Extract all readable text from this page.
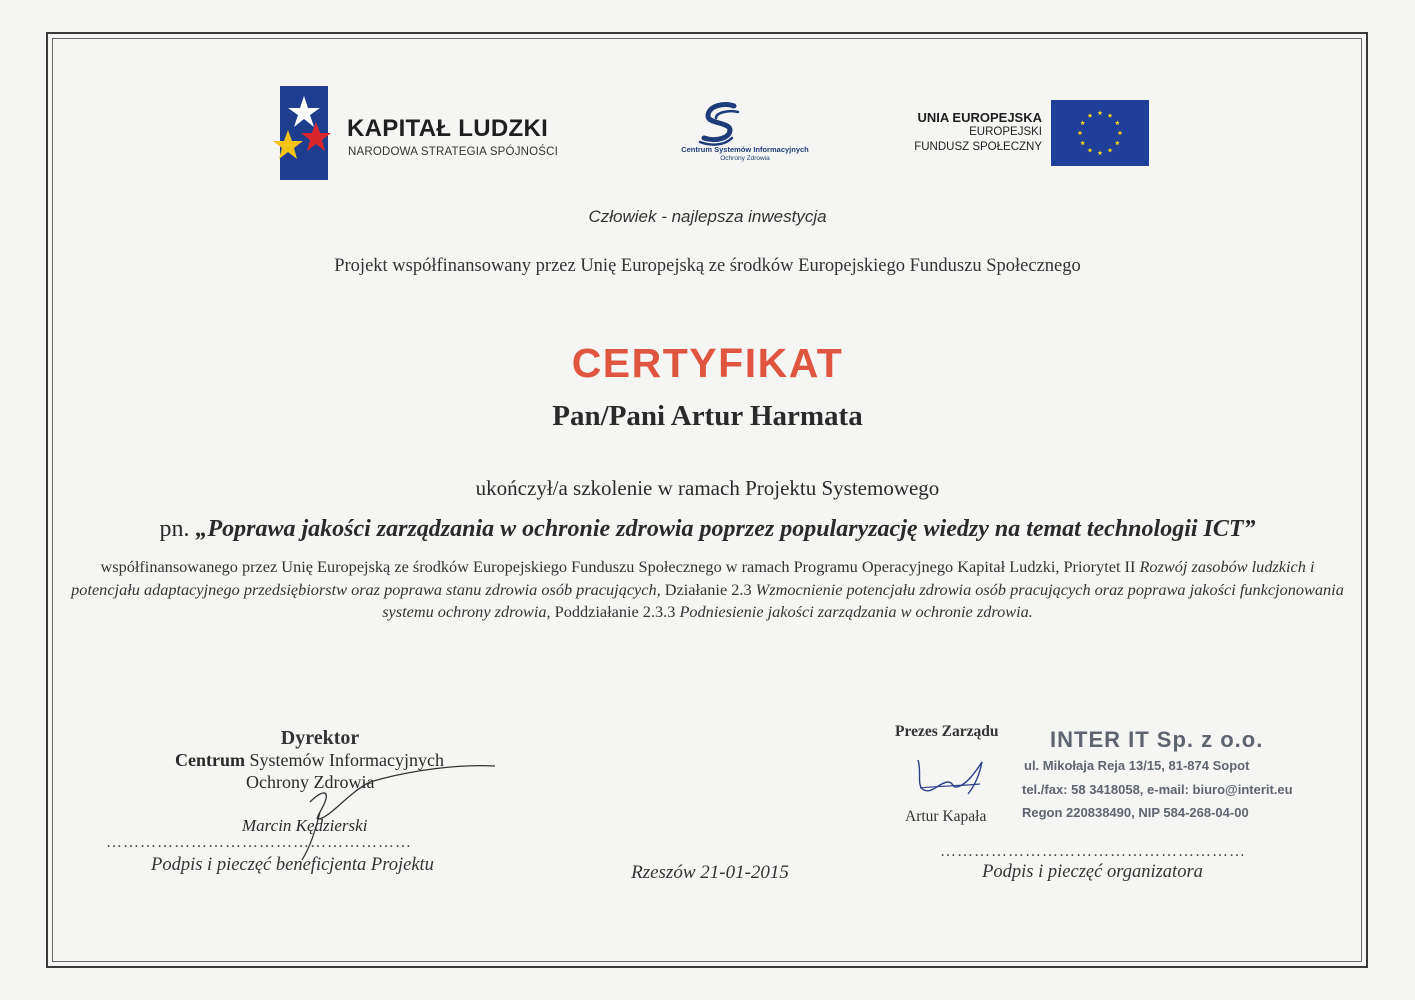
KAPITAŁ LUDZKI
NARODOWA STRATEGIA SPÓJNOŚCI	Centrum Systemów Informacyjnych
Ochrony Zdrowia
UNIA EUROPEJSKA
EUROPEJSKI
FUNDUSZ SPOŁECZNY
Człowiek - najlepsza inwestycja
Projekt współfinansowany przez Unię Europejską ze środków Europejskiego Funduszu Społecznego
CERTYFIKAT
Pan/Pani Artur Harmata
ukończył/a szkolenie w ramach Projektu Systemowego
pn. „Poprawa jakości zarządzania w ochronie zdrowia poprzez popularyzację wiedzy na temat technologii ICT”
współfinansowanego przez Unię Europejską ze środków Europejskiego Funduszu Społecznego w ramach Programu Operacyjnego Kapitał Ludzki, Priorytet II Rozwój zasobów ludzkich i potencjału adaptacyjnego przedsiębiorstw oraz poprawa stanu zdrowia osób pracujących, Działanie 2.3 Wzmocnienie potencjału zdrowia osób pracujących oraz poprawa jakości funkcjonowania systemu ochrony zdrowia, Poddziałanie 2.3.3 Podniesienie jakości zarządzania w ochronie zdrowia.
Dyrektor
Centrum Systemów Informacyjnych
Ochrony Zdrowia
Marcin Kędzierski
………………………………………………
Podpis i pieczęć beneficjenta Projektu	Rzeszów 21-01-2015
Prezes Zarządu
Artur Kapała
INTER IT Sp. z o.o.
ul. Mikołaja Reja 13/15, 81-874 Sopot
tel./fax: 58 3418058, e-mail: biuro@interit.eu
Regon 220838490, NIP 584-268-04-00
………………………………………………
Podpis i pieczęć organizatora
